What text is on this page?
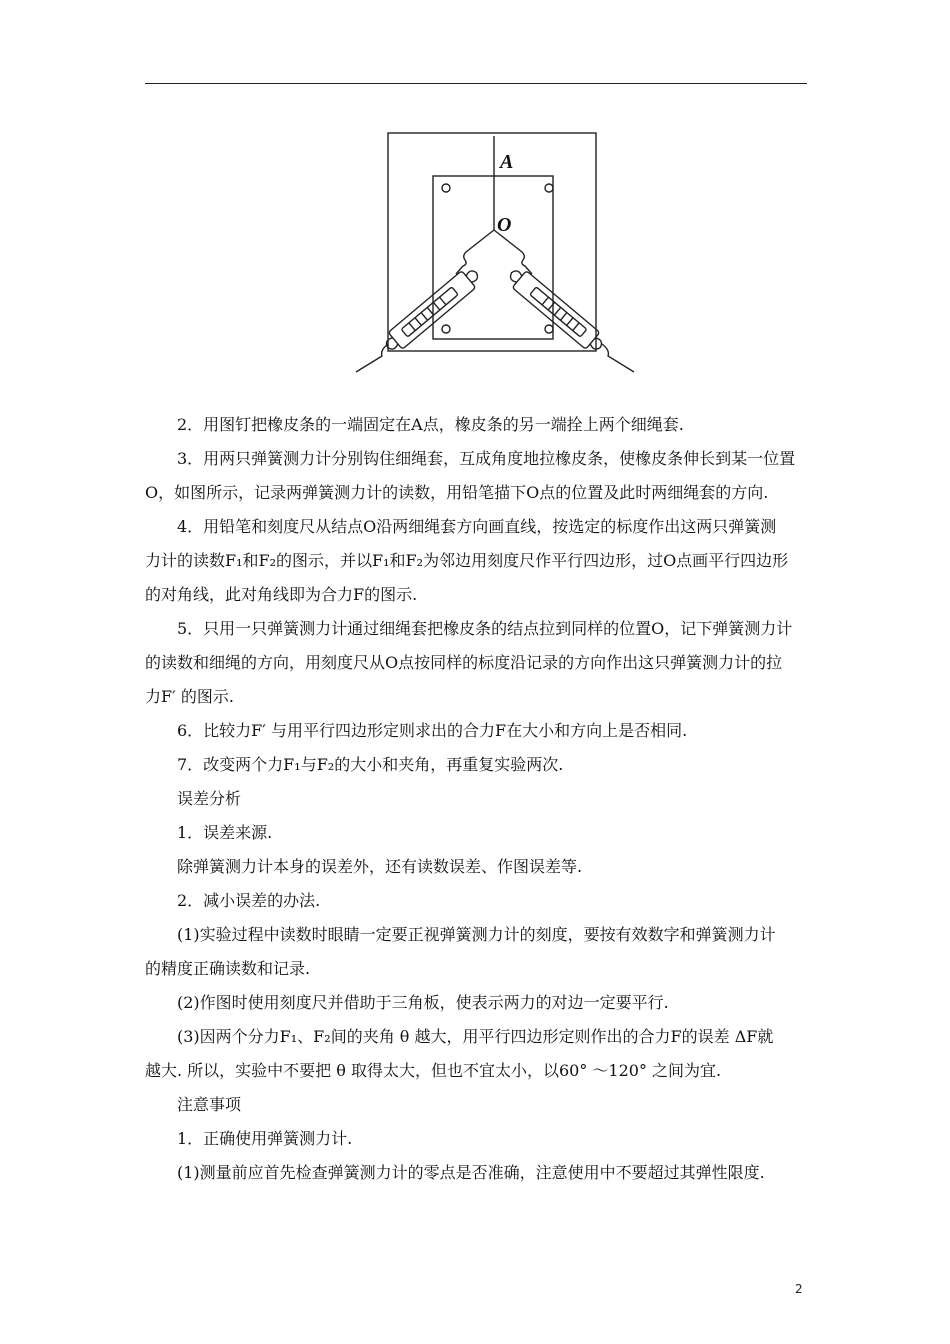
A
O

2．用图钉把橡皮条的一端固定在A点，橡皮条的另一端拴上两个细绳套.

3．用两只弹簧测力计分别钩住细绳套，互成角度地拉橡皮条，使橡皮条伸长到某一位置

O，如图所示，记录两弹簧测力计的读数，用铅笔描下O点的位置及此时两细绳套的方向.

4．用铅笔和刻度尺从结点O沿两细绳套方向画直线，按选定的标度作出这两只弹簧测

力计的读数F₁和F₂的图示，并以F₁和F₂为邻边用刻度尺作平行四边形，过O点画平行四边形

的对角线，此对角线即为合力F的图示.

5．只用一只弹簧测力计通过细绳套把橡皮条的结点拉到同样的位置O，记下弹簧测力计

的读数和细绳的方向，用刻度尺从O点按同样的标度沿记录的方向作出这只弹簧测力计的拉

力F′ 的图示.

6．比较力F′ 与用平行四边形定则求出的合力F在大小和方向上是否相同.

7．改变两个力F₁与F₂的大小和夹角，再重复实验两次.

误差分析

1．误差来源.

除弹簧测力计本身的误差外，还有读数误差、作图误差等.

2．减小误差的办法.

(1)实验过程中读数时眼睛一定要正视弹簧测力计的刻度，要按有效数字和弹簧测力计

的精度正确读数和记录.

(2)作图时使用刻度尺并借助于三角板，使表示两力的对边一定要平行.

(3)因两个分力F₁、F₂间的夹角 θ 越大，用平行四边形定则作出的合力F的误差 ΔF就

越大. 所以，实验中不要把 θ 取得太大，但也不宜太小，以60° ～120° 之间为宜.

注意事项

1．正确使用弹簧测力计.

(1)测量前应首先检查弹簧测力计的零点是否准确，注意使用中不要超过其弹性限度.

2
